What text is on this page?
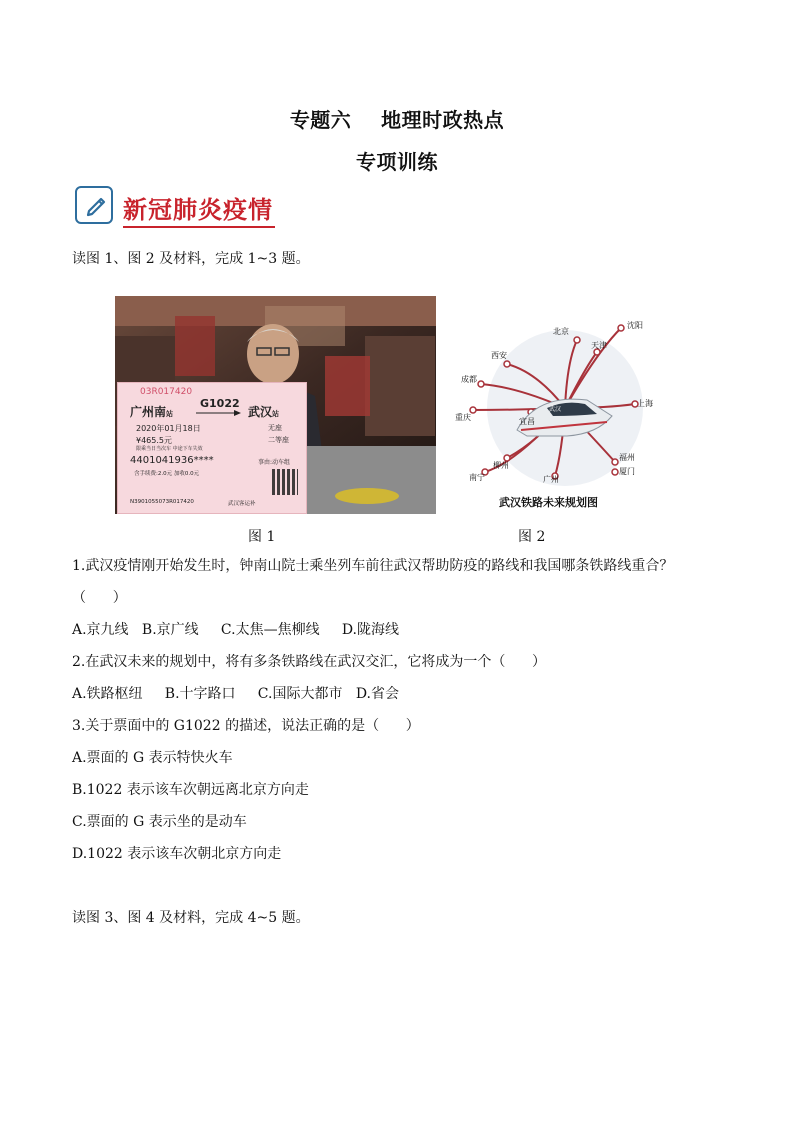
专题六    地理时政热点
专项训练
新冠肺炎疫情
读图 1、图 2 及材料，完成 1~3 题。
03R017420
广州南站
G1022
武汉站
2020年01月18日	无座
¥465.5元	二等座
限乘当日当次车 中途下车失效
4401041936****	事由:动车组
含手续费:2.0元 加收0.0元
N3901055073R017420	武汉客运补
北京
沈阳
天津
西安
成都
重庆	宜昌
上海
福州
厦门
柳州
南宁	广州
武汉
武汉铁路未来规划图
图 1	图 2
1.武汉疫情刚开始发生时，钟南山院士乘坐列车前往武汉帮助防疫的路线和我国哪条铁路线重合？
（      ）
A.京九线   B.京广线     C.太焦—焦柳线     D.陇海线
2.在武汉未来的规划中，将有多条铁路线在武汉交汇，它将成为一个（      ）
A.铁路枢纽     B.十字路口     C.国际大都市   D.省会
3.关于票面中的 G1022 的描述，说法正确的是（      ）
A.票面的 G 表示特快火车
B.1022 表示该车次朝远离北京方向走
C.票面的 G 表示坐的是动车
D.1022 表示该车次朝北京方向走
读图 3、图 4 及材料，完成 4~5 题。
